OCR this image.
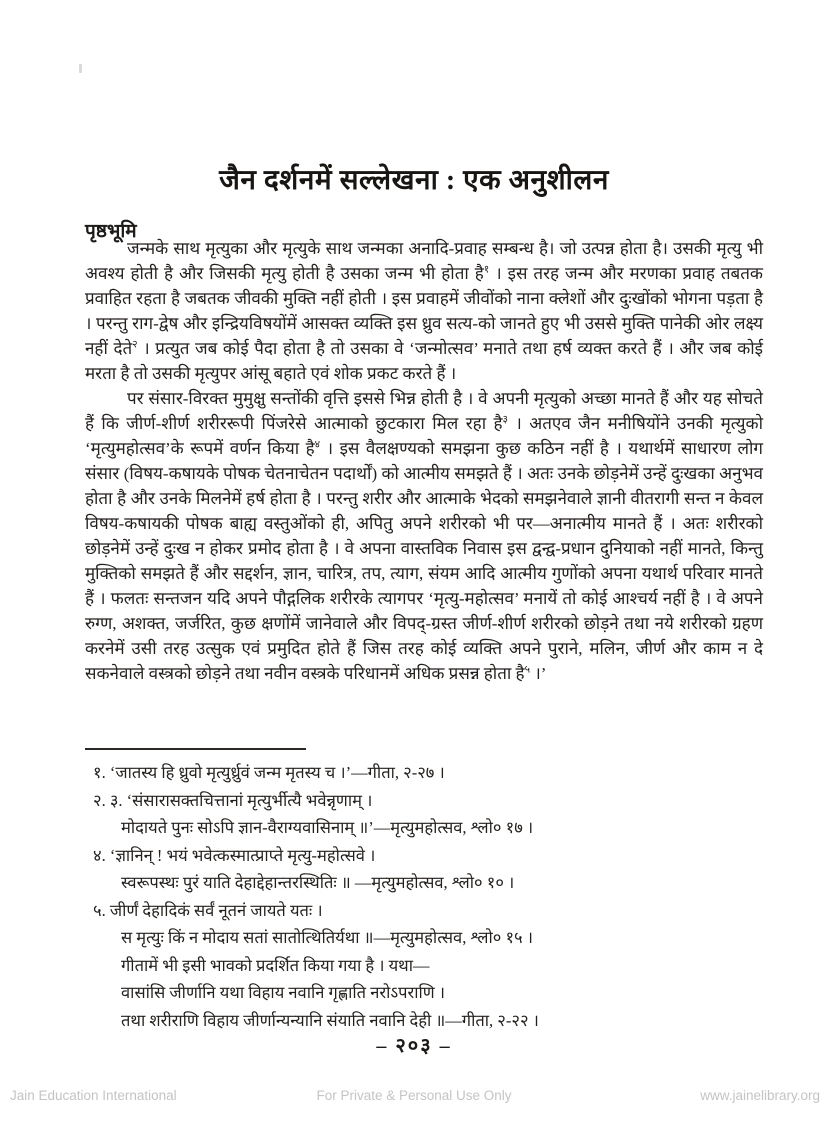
जैन दर्शनमें सल्लेखना : एक अनुशीलन
पृष्ठभूमि

जन्मके साथ मृत्युका और मृत्युके साथ जन्मका अनादि-प्रवाह सम्बन्ध है। जो उत्पन्न होता है। उसकी मृत्यु भी अवश्य होती है और जिसकी मृत्यु होती है उसका जन्म भी होता है$^१$ । इस तरह जन्म और मरणका प्रवाह तबतक प्रवाहित रहता है जबतक जीवकी मुक्ति नहीं होती । इस प्रवाहमें जीवोंको नाना क्लेशों और दुःखोंको भोगना पड़ता है । परन्तु राग-द्वेष और इन्द्रियविषयोंमें आसक्त व्यक्ति इस ध्रुव सत्य-को जानते हुए भी उससे मुक्ति पानेकी ओर लक्ष्य नहीं देते$^२$ । प्रत्युत जब कोई पैदा होता है तो उसका वे ‘जन्मोत्सव’ मनाते तथा हर्ष व्यक्त करते हैं । और जब कोई मरता है तो उसकी मृत्युपर आंसू बहाते एवं शोक प्रकट करते हैं ।

पर संसार-विरक्त मुमुक्षु सन्तोंकी वृत्ति इससे भिन्न होती है । वे अपनी मृत्युको अच्छा मानते हैं और यह सोचते हैं कि जीर्ण-शीर्ण शरीररूपी पिंजरेसे आत्माको छुटकारा मिल रहा है$^३$ । अतएव जैन मनीषियोंने उनकी मृत्युको ‘मृत्युमहोत्सव’के रूपमें वर्णन किया है$^४$ । इस वैलक्षण्यको समझना कुछ कठिन नहीं है । यथार्थमें साधारण लोग संसार (विषय-कषायके पोषक चेतनाचेतन पदार्थों) को आत्मीय समझते हैं । अतः उनके छोड़नेमें उन्हें दुःखका अनुभव होता है और उनके मिलनेमें हर्ष होता है । परन्तु शरीर और आत्माके भेदको समझनेवाले ज्ञानी वीतरागी सन्त न केवल विषय-कषायकी पोषक बाह्य वस्तुओंको ही, अपितु अपने शरीरको भी पर—अनात्मीय मानते हैं । अतः शरीरको छोड़नेमें उन्हें दुःख न होकर प्रमोद होता है । वे अपना वास्तविक निवास इस द्वन्द्व-प्रधान दुनियाको नहीं मानते, किन्तु मुक्तिको समझते हैं और सद्दर्शन, ज्ञान, चारित्र, तप, त्याग, संयम आदि आत्मीय गुणोंको अपना यथार्थ परिवार मानते हैं । फलतः सन्तजन यदि अपने पौद्गलिक शरीरके त्यागपर ‘मृत्यु-महोत्सव’ मनायें तो कोई आश्चर्य नहीं है । वे अपने रुग्ण, अशक्त, जर्जरित, कुछ क्षणोंमें जानेवाले और विपद्-ग्रस्त जीर्ण-शीर्ण शरीरको छोड़ने तथा नये शरीरको ग्रहण करनेमें उसी तरह उत्सुक एवं प्रमुदित होते हैं जिस तरह कोई व्यक्ति अपने पुराने, मलिन, जीर्ण और काम न दे सकनेवाले वस्त्रको छोड़ने तथा नवीन वस्त्रके परिधानमें अधिक प्रसन्न होता है$^५$ ।’

१. ‘जातस्य हि ध्रुवो मृत्युर्ध्रुवं जन्म मृतस्य च ।’—गीता, २-२७ ।
२. ३. ‘संसारासक्तचित्तानां मृत्युर्भीत्यै भवेन्नृणाम् ।
मोदायते पुनः सोऽपि ज्ञान-वैराग्यवासिनाम् ॥’—मृत्युमहोत्सव, श्लो० १७ ।
४. ‘ज्ञानिन् ! भयं भवेत्कस्मात्प्राप्ते मृत्यु-महोत्सवे ।
स्वरूपस्थः पुरं याति देहाद्देहान्तरस्थितिः ॥ —मृत्युमहोत्सव, श्लो० १० ।
५. जीर्णं देहादिकं सर्वं नूतनं जायते यतः ।
स मृत्युः किं न मोदाय सतां सातोत्थितिर्यथा ॥—मृत्युमहोत्सव, श्लो० १५ ।
गीतामें भी इसी भावको प्रदर्शित किया गया है । यथा—
वासांसि जीर्णानि यथा विहाय नवानि गृह्णाति नरोऽपराणि ।
तथा शरीराणि विहाय जीर्णान्यन्यानि संयाति नवानि देही ॥—गीता, २-२२ ।
– २०३ –
Jain Education International	For Private & Personal Use Only	www.jainelibrary.org
